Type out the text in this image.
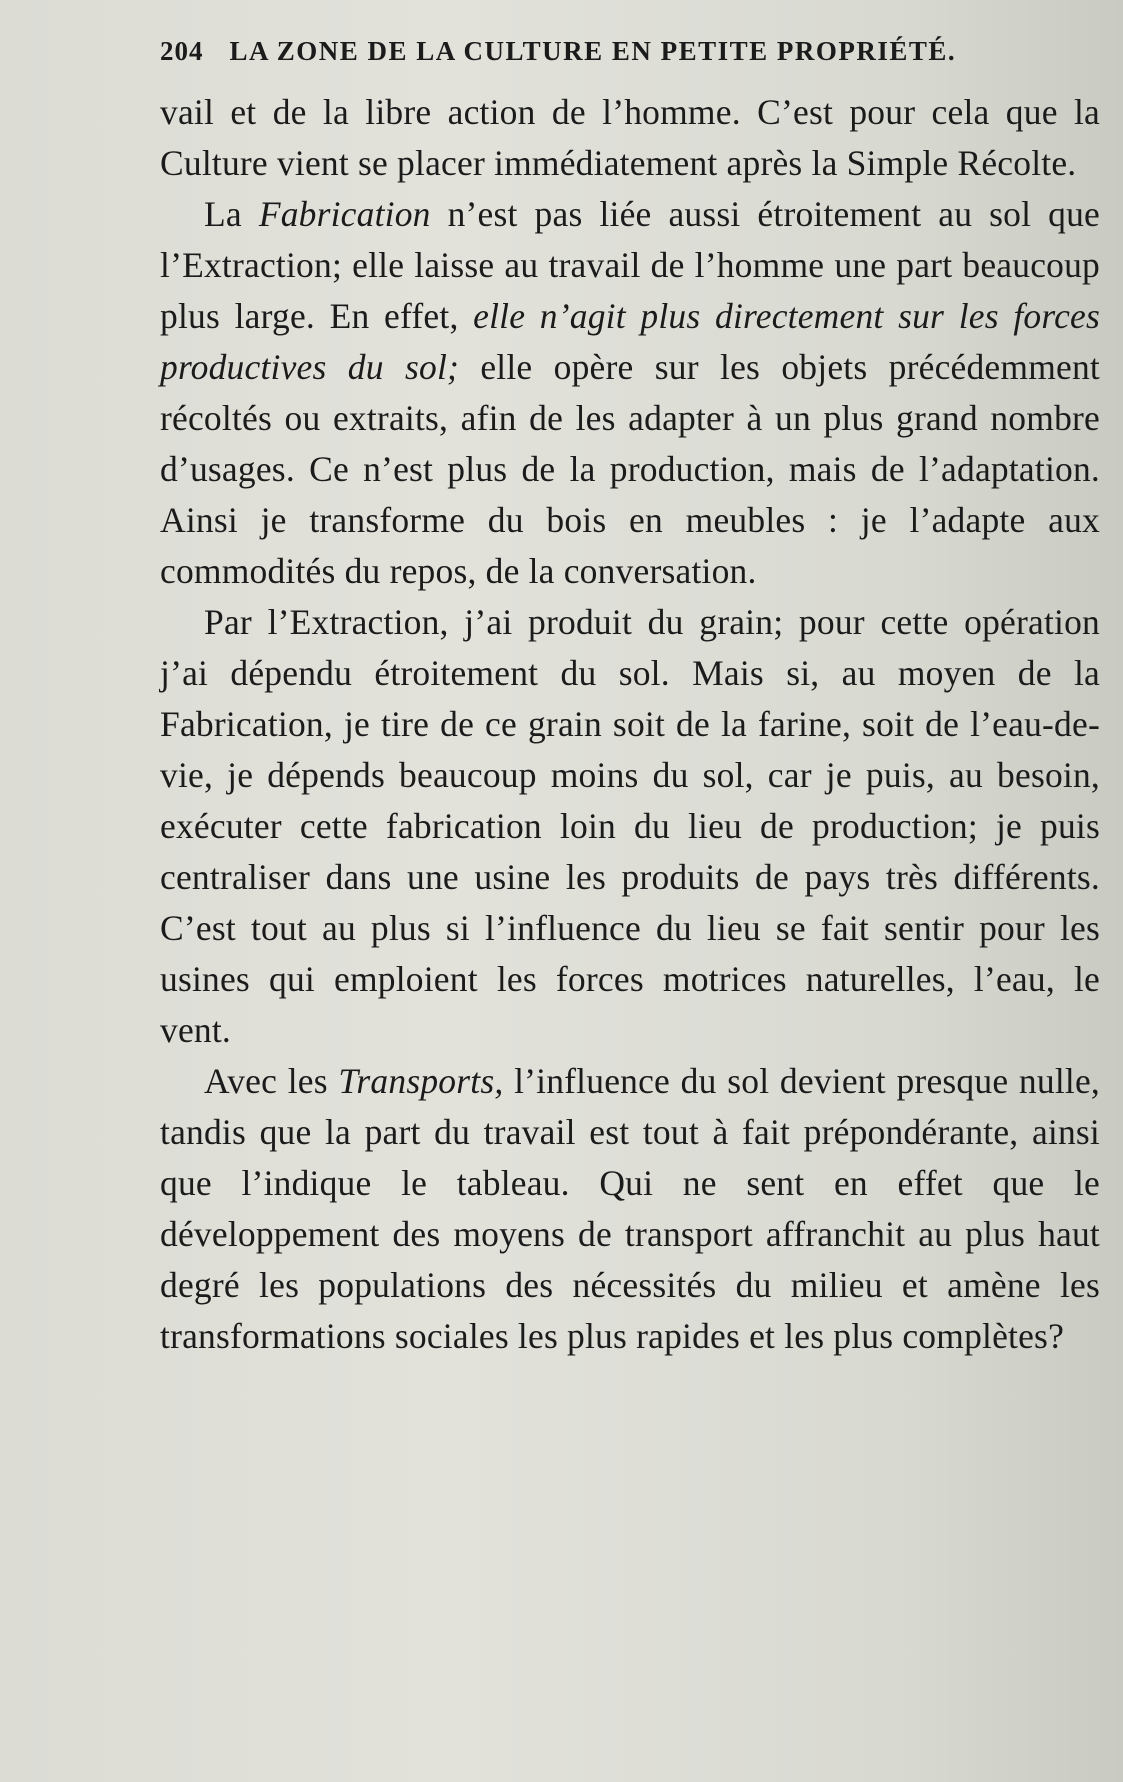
204 LA ZONE DE LA CULTURE EN PETITE PROPRIÉTÉ.

vail et de la libre action de l’homme. C’est pour cela que la Culture vient se placer immédiatement après la Simple Récolte.

La Fabrication n’est pas liée aussi étroitement au sol que l’Extraction; elle laisse au travail de l’homme une part beaucoup plus large. En effet, elle n’agit plus directement sur les forces productives du sol; elle opère sur les objets précédemment récoltés ou extraits, afin de les adapter à un plus grand nombre d’usages. Ce n’est plus de la production, mais de l’adaptation. Ainsi je transforme du bois en meubles : je l’adapte aux commodités du repos, de la conversation.

Par l’Extraction, j’ai produit du grain; pour cette opération j’ai dépendu étroitement du sol. Mais si, au moyen de la Fabrication, je tire de ce grain soit de la farine, soit de l’eau-de-vie, je dépends beaucoup moins du sol, car je puis, au besoin, exécuter cette fabrication loin du lieu de production; je puis centraliser dans une usine les produits de pays très différents. C’est tout au plus si l’influence du lieu se fait sentir pour les usines qui emploient les forces motrices naturelles, l’eau, le vent.

Avec les Transports, l’influence du sol devient presque nulle, tandis que la part du travail est tout à fait prépondérante, ainsi que l’indique le tableau. Qui ne sent en effet que le développement des moyens de transport affranchit au plus haut degré les populations des nécessités du milieu et amène les transformations sociales les plus rapides et les plus complètes?
